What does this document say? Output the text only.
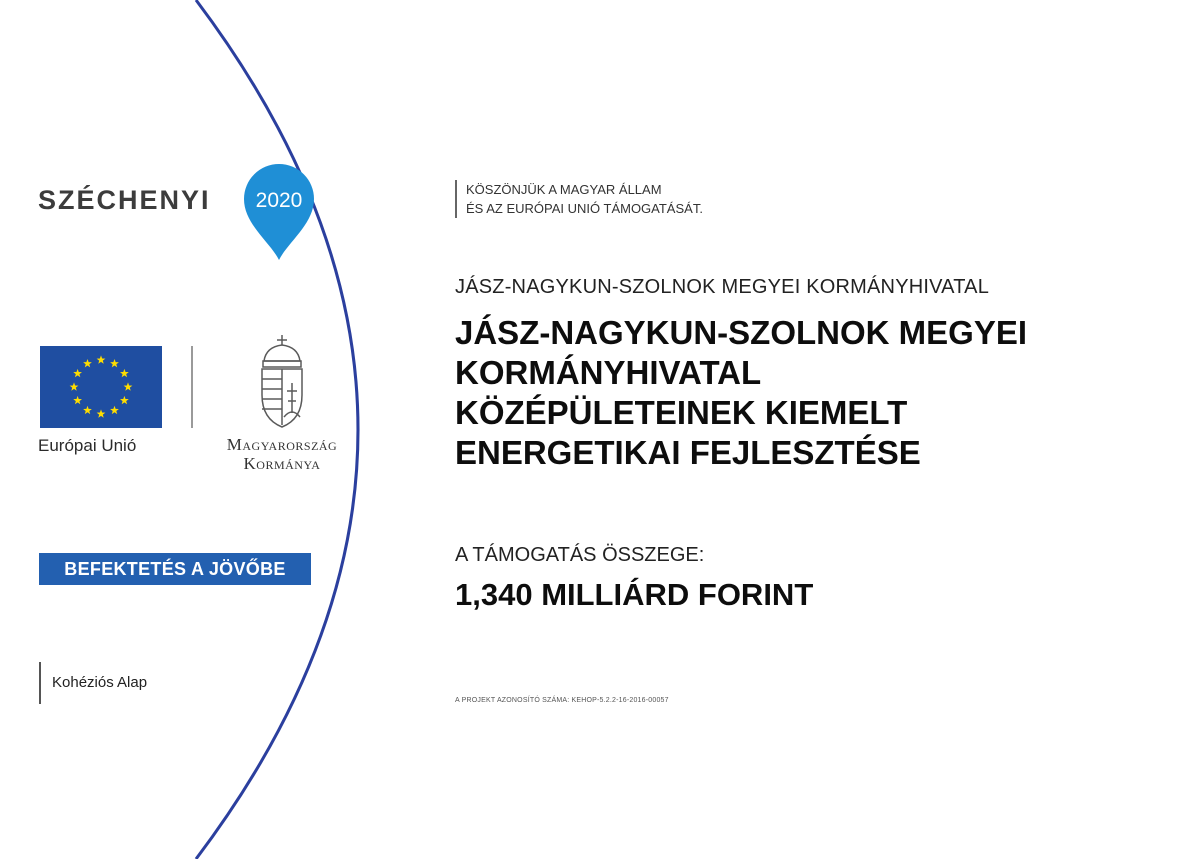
SZÉCHENYI 2020
Európai Unió	Magyarország
Kormánya
BEFEKTETÉS A JÖVŐBE
Kohéziós Alap
KÖSZÖNJÜK A MAGYAR ÁLLAM
ÉS AZ EURÓPAI UNIÓ TÁMOGATÁSÁT.
JÁSZ-NAGYKUN-SZOLNOK MEGYEI KORMÁNYHIVATAL
JÁSZ-NAGYKUN-SZOLNOK MEGYEI
KORMÁNYHIVATAL
KÖZÉPÜLETEINEK KIEMELT
ENERGETIKAI FEJLESZTÉSE
A TÁMOGATÁS ÖSSZEGE:
1,340 MILLIÁRD FORINT
A PROJEKT AZONOSÍTÓ SZÁMA: KEHOP-5.2.2-16-2016-00057
